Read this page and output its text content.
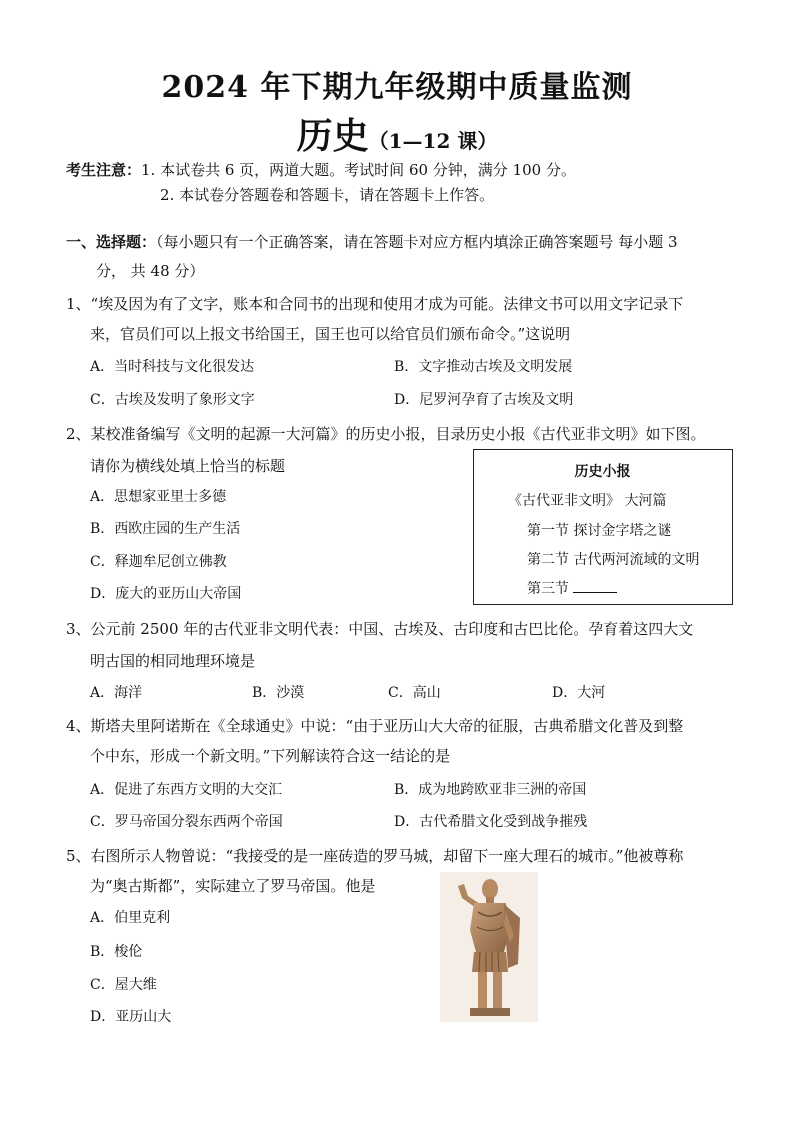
2024 年下期九年级期中质量监测
历史（1—12 课）
考生注意：1. 本试卷共 6 页，两道大题。考试时间 60 分钟，满分 100 分。
2. 本试卷分答题卷和答题卡，请在答题卡上作答。
一、选择题：（每小题只有一个正确答案，请在答题卡对应方框内填涂正确答案题号 每小题 3
分， 共 48 分）
1、“埃及因为有了文字，账本和合同书的出现和使用才成为可能。法律文书可以用文字记录下
来，官员们可以上报文书给国王，国王也可以给官员们颁布命令。”这说明
A．当时科技与文化很发达	B．文字推动古埃及文明发展
C．古埃及发明了象形文字	D．尼罗河孕育了古埃及文明
2、某校准备编写《文明的起源一大河篇》的历史小报，目录历史小报《古代亚非文明》如下图。
请你为横线处填上恰当的标题
A．思想家亚里士多德
B．西欧庄园的生产生活
C．释迦牟尼创立佛教
D．庞大的亚历山大帝国
历史小报
《古代亚非文明》 大河篇
第一节 探讨金字塔之谜
第二节 古代两河流域的文明
第三节
3、公元前 2500 年的古代亚非文明代表：中国、古埃及、古印度和古巴比伦。孕育着这四大文
明古国的相同地理环境是
A．海洋	B．沙漠	C．高山	D．大河
4、斯塔夫里阿诺斯在《全球通史》中说：“由于亚历山大大帝的征服，古典希腊文化普及到整
个中东，形成一个新文明。”下列解读符合这一结论的是
A．促进了东西方文明的大交汇	B．成为地跨欧亚非三洲的帝国
C．罗马帝国分裂东西两个帝国	D．古代希腊文化受到战争摧残
5、右图所示人物曾说：“我接受的是一座砖造的罗马城，却留下一座大理石的城市。”他被尊称
为“奥古斯都”，实际建立了罗马帝国。他是
A．伯里克利
B．梭伦
C．屋大维
D．亚历山大
